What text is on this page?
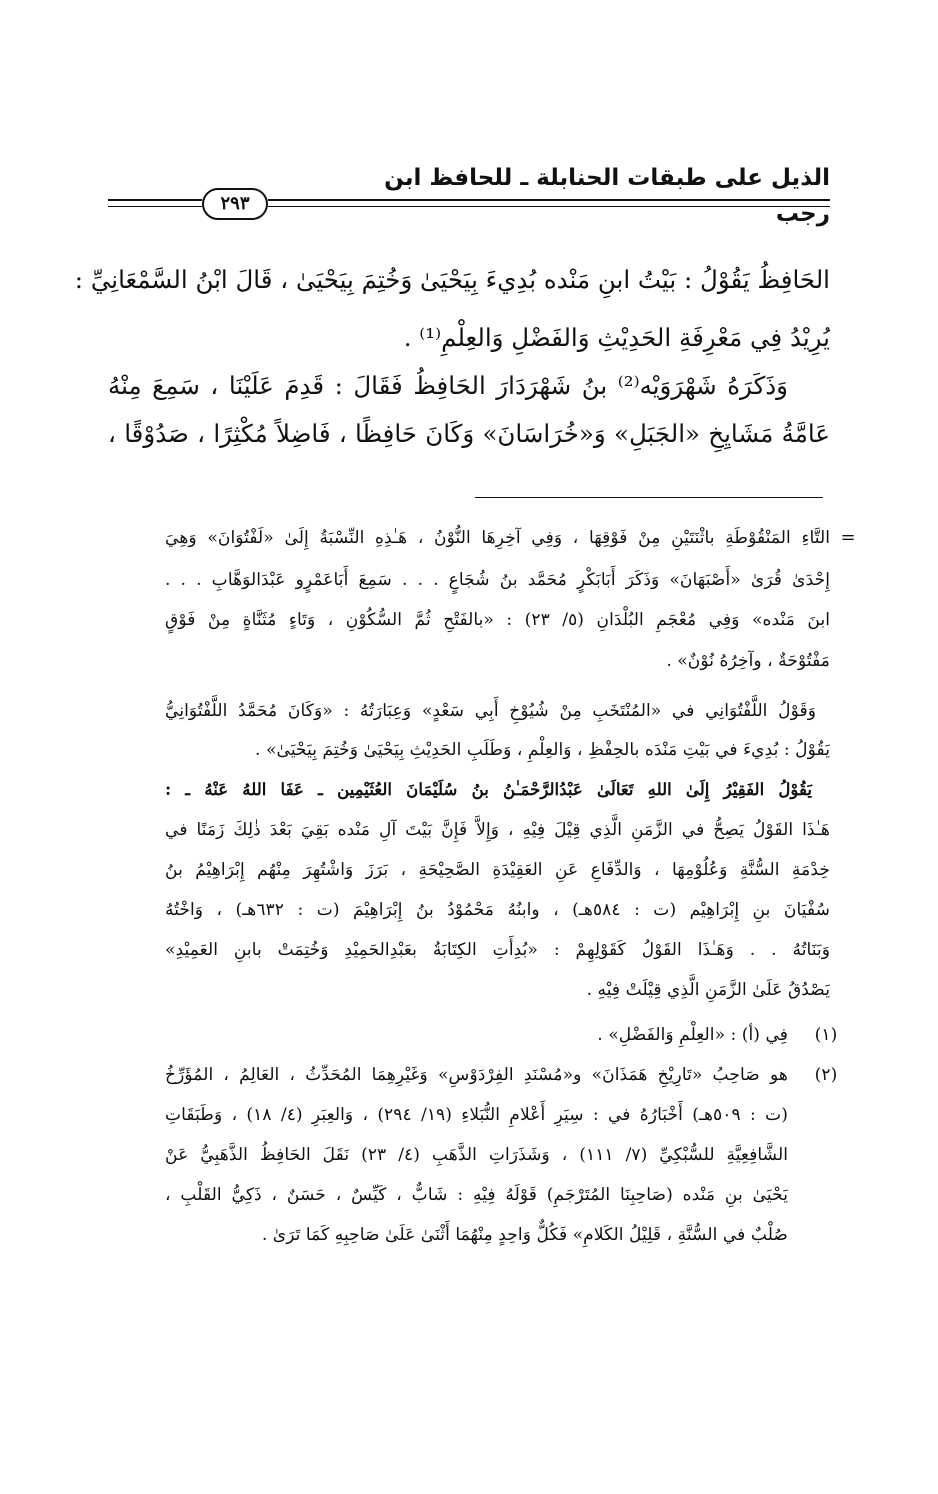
الذيل على طبقات الحنابلة ـ للحافظ ابن رجب
٢٩٣
الحَافِظُ يَقُوْلُ : بَيْتُ ابنِ مَنْده بُدِيءَ بِيَحْيَىٰ وَخُتِمَ بِيَحْيَىٰ ، قَالَ ابْنُ السَّمْعَانِيِّ :
يُرِيْدُ فِي مَعْرِفَةِ الحَدِيْثِ وَالفَضْلِ وَالعِلْمِ⁽¹⁾ .
وَذَكَرَهُ شَهْرَوَيْه⁽²⁾ بنُ شَهْرَدَارَ الحَافِظُ فَقَالَ : قَدِمَ عَلَيْنَا ، سَمِعَ مِنْهُ
عَامَّةُ مَشَايِخِ «الجَبَلِ» وَ«خُرَاسَانَ» وَكَانَ حَافِظًا ، فَاضِلاً مُكْثِرًا ، صَدُوْقًا ،
=
التَّاءِ المَنْقُوْطَةِ باثْنَتَيْنِ مِنْ فَوْقِهَا ، وَفِي آخِرِهَا النُّوْنُ ، هَـٰذِهِ النِّسْبَةُ إِلَىٰ «لَفْتُوَانَ» وَهِيَ
إِحْدَىٰ قُرَىٰ «أَصْبَهَانَ» وَذَكَرَ أَبَابَكْرٍ مُحَمَّد بنُ شُجَاعٍ . . . سَمِعَ أَبَاعَمْرٍو عَبْدَالوَهَّابِ . . .
ابنَ مَنْده» وَفِي مُعْجَمِ البُلْدَانِ (٥/ ٢٣) : «بالفَتْحِ ثُمَّ السُّكُوْنِ ، وَتَاءٍ مُثَنَّاةٍ مِنْ فَوْقٍ
مَفْتُوْحَةٌ ، وآخِرُهُ نُوْنٌ» .
وَقَوْلُ اللَّفْتُوَانِي في «المُنْتَخَبِ مِنْ شُيُوْخِ أَبِي سَعْدٍ» وَعِبَارَتُهُ : «وَكَانَ مُحَمَّدُ اللَّفْتُوَانِيُّ
يَقُوْلُ : بُدِيءَ في بَيْتِ مَنْدَه بالحِفْظِ ، وَالعِلْمِ ، وَطَلَبِ الحَدِيْثِ بِيَحْيَىٰ وَخُتِمَ بِيَحْيَىٰ» .
يَقُوْلُ الفَقِيْرُ إِلَىٰ اللهِ تَعَالَىٰ عَبْدُالرَّحْمَـٰنُ بنُ سُلَيْمَانَ العُثَيْمِين ـ عَفَا اللهُ عَنْهُ ـ :
هَـٰذَا القَوْلُ يَصِحُّ في الزَّمَنِ الَّذِي قِيْلَ فِيْهِ ، وَإِلاَّ فَإِنَّ بَيْتَ آلِ مَنْده بَقِيَ بَعْدَ ذٰلِكَ زَمَنًا في
خِدْمَةِ السُّنَّةِ وَعُلُوْمِهَا ، وَالدِّفَاعِ عَنِ العَقِيْدَةِ الصَّحِيْحَةِ ، بَرَزَ وَاشْتُهِرَ مِنْهُم إِبْرَاهِيْمُ بنُ
سُفْيَانَ بنِ إِبْرَاهِيْم (ت : ٥٨٤هـ) ، وابنُهُ مَحْمُوْدُ بنُ إِبْرَاهِيْمَ (ت : ٦٣٢هـ) ، وَاخْتُهُ
وَبَنَاتُهُ . . وَهَـٰذَا القَوْلُ كَقَوْلِهِمْ : «بُدِأَتِ الكِتَابَةُ بعَبْدِالحَمِيْدِ وَخُتِمَتْ بابنِ العَمِيْدِ»
يَصْدُقُ عَلَىٰ الزَّمَنِ الَّذِي قِيْلَتْ فِيْهِ .
(١)
فِي (أ) : «العِلْمِ وَالفَضْلِ» .
(٢)
هو صَاحِبُ «تَارِيْخِ هَمَذَانَ» و«مُسْنَدِ الفِرْدَوْسِ» وَغَيْرِهِمَا المُحَدِّثُ ، العَالِمُ ، المُؤَرِّخُ
(ت : ٥٠٩هـ) أَخْبَارُهُ في : سِيَرِ أَعْلامِ النُّبَلاءِ (١٩/ ٢٩٤) ، وَالعِبَرِ (٤/ ١٨) ، وَطَبَقَاتِ
الشَّافِعِيَّةِ للسُّبْكِيِّ (٧/ ١١١) ، وَشَذَرَاتِ الذَّهَبِ (٤/ ٢٣) نَقَلَ الحَافِظُ الذَّهَبِيُّ عَنْ
يَحْيَىٰ بنِ مَنْده (صَاحِبِنَا المُتَرْجَمِ) قَوْلَهُ فِيْهِ : شَابٌّ ، كَيِّسٌ ، حَسَنٌ ، ذَكِيُّ القَلْبِ ،
صُلْبٌ في السُّنَّةِ ، قَلِيْلُ الكَلامِ» فَكُلٌّ وَاحِدٍ مِنْهُمَا أَثْنَىٰ عَلَىٰ صَاحِبِهِ كَمَا تَرَىٰ .
